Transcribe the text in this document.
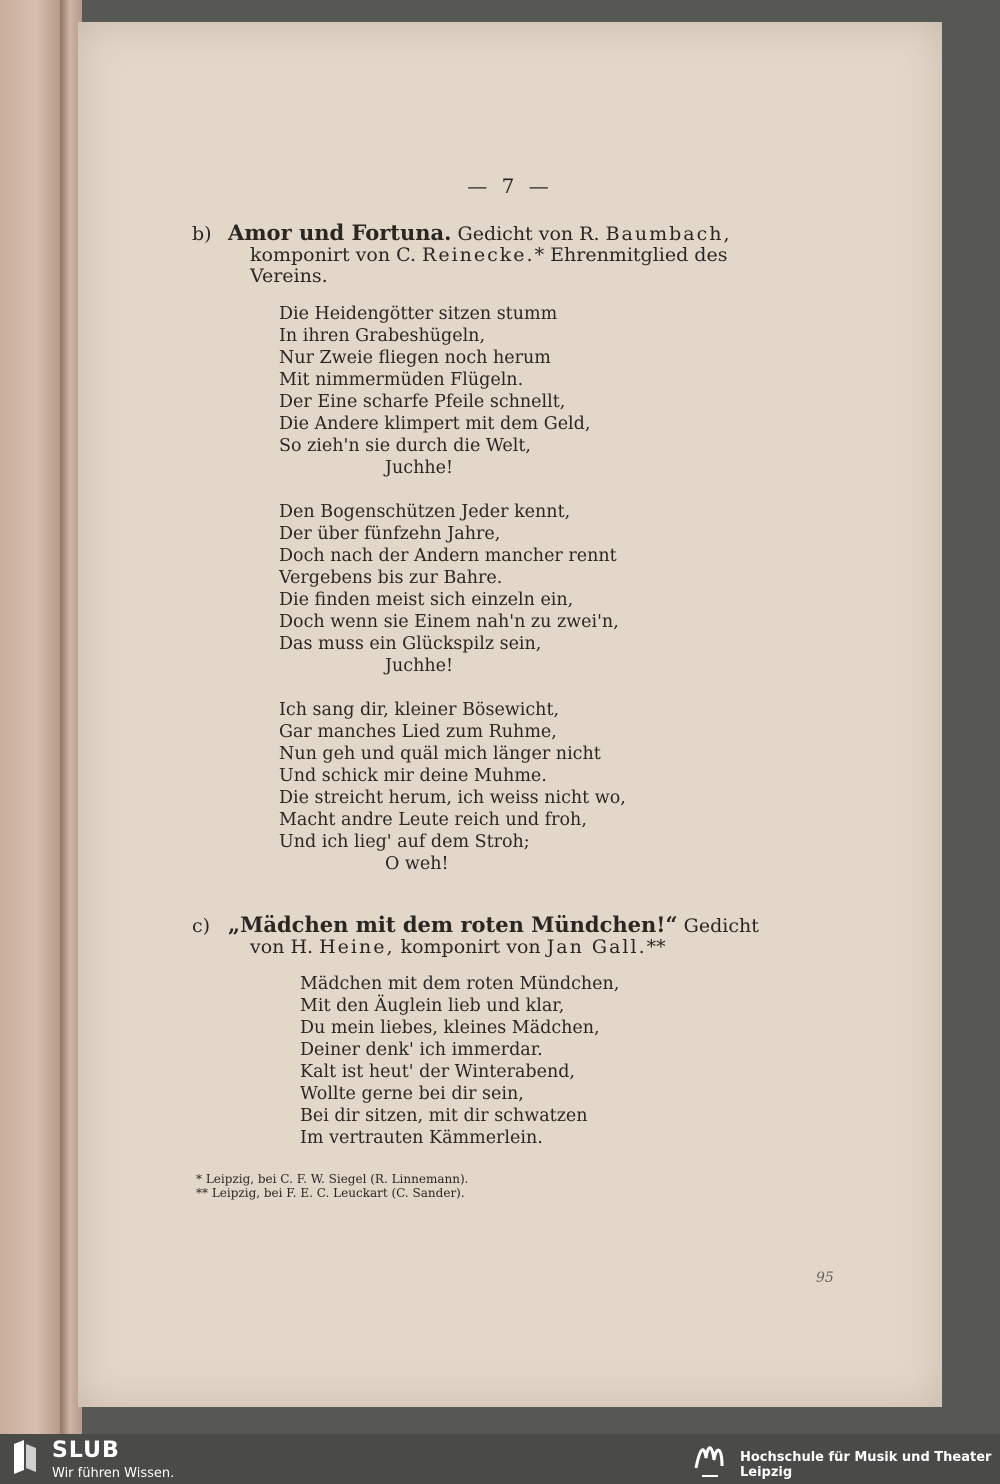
— 7 —
b) Amor und Fortuna. Gedicht von R. Baumbach,
komponirt von C. Reinecke.* Ehrenmitglied des
Vereins.
Die Heidengötter sitzen stumm
In ihren Grabeshügeln,
Nur Zweie fliegen noch herum
Mit nimmermüden Flügeln.
Der Eine scharfe Pfeile schnellt,
Die Andere klimpert mit dem Geld,
So zieh'n sie durch die Welt,
Juchhe!
Den Bogenschützen Jeder kennt,
Der über fünfzehn Jahre,
Doch nach der Andern mancher rennt
Vergebens bis zur Bahre.
Die finden meist sich einzeln ein,
Doch wenn sie Einem nah'n zu zwei'n,
Das muss ein Glückspilz sein,
Juchhe!
Ich sang dir, kleiner Bösewicht,
Gar manches Lied zum Ruhme,
Nun geh und quäl mich länger nicht
Und schick mir deine Muhme.
Die streicht herum, ich weiss nicht wo,
Macht andre Leute reich und froh,
Und ich lieg' auf dem Stroh;
O weh!
c) „Mädchen mit dem roten Mündchen!“ Gedicht
von H. Heine, komponirt von Jan Gall.**
Mädchen mit dem roten Mündchen,
Mit den Äuglein lieb und klar,
Du mein liebes, kleines Mädchen,
Deiner denk' ich immerdar.
Kalt ist heut' der Winterabend,
Wollte gerne bei dir sein,
Bei dir sitzen, mit dir schwatzen
Im vertrauten Kämmerlein.
* Leipzig, bei C. F. W. Siegel (R. Linnemann).
** Leipzig, bei F. E. C. Leuckart (C. Sander).
95
SLUB
Wir führen Wissen.
Hochschule für Musik und Theater Leipzig
